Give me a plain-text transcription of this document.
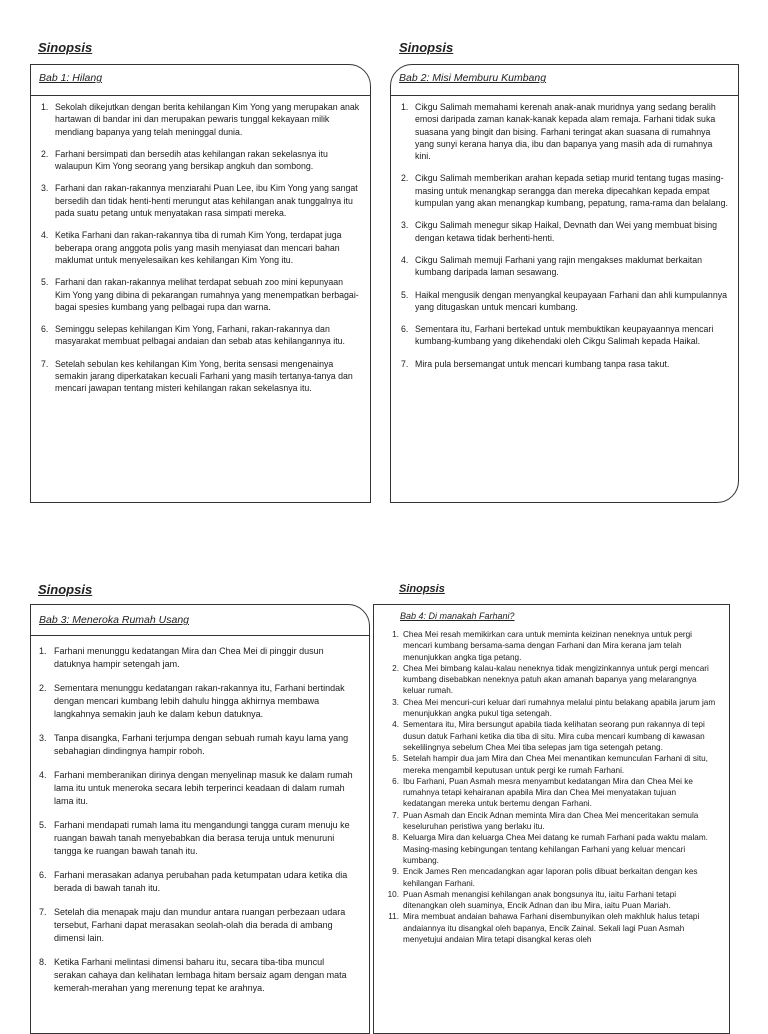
Sinopsis	Sinopsis
Sinopsis	Sinopsis
Bab 1: Hilang
1. Sekolah dikejutkan dengan berita kehilangan Kim Yong yang merupakan anak hartawan di bandar ini dan merupakan pewaris tunggal kekayaan milik mendiang bapanya yang telah meninggal dunia.
2. Farhani bersimpati dan bersedih atas kehilangan rakan sekelasnya itu walaupun Kim Yong seorang yang bersikap angkuh dan sombong.
3. Farhani dan rakan-rakannya menziarahi Puan Lee, ibu Kim Yong yang sangat bersedih dan tidak henti-henti merungut atas kehilangan anak tunggalnya itu pada suatu petang untuk menyatakan rasa simpati mereka.
4. Ketika Farhani dan rakan-rakannya tiba di rumah Kim Yong, terdapat juga beberapa orang anggota polis yang masih menyiasat dan mencari bahan maklumat untuk menyelesaikan kes kehilangan Kim Yong itu.
5. Farhani dan rakan-rakannya melihat terdapat sebuah zoo mini kepunyaan Kim Yong yang dibina di pekarangan rumahnya yang menempatkan berbagai-bagai spesies kumbang yang pelbagai rupa dan warna.
6. Seminggu selepas kehilangan Kim Yong, Farhani, rakan-rakannya dan masyarakat membuat pelbagai andaian dan sebab atas kehilangannya itu.
7. Setelah sebulan kes kehilangan Kim Yong, berita sensasi mengenainya semakin jarang diperkatakan kecuali Farhani yang masih tertanya-tanya dan mencari jawapan tentang misteri kehilangan rakan sekelasnya itu.
Bab 2: Misi Memburu Kumbang
1. Cikgu Salimah memahami kerenah anak-anak muridnya yang sedang beralih emosi daripada zaman kanak-kanak kepada alam remaja. Farhani tidak suka suasana yang bingit dan bising. Farhani teringat akan suasana di rumahnya yang sunyi kerana hanya dia, ibu dan bapanya yang masih ada di rumahnya kini.
2. Cikgu Salimah memberikan arahan kepada setiap murid tentang tugas masing-masing untuk menangkap serangga dan mereka dipecahkan kepada empat kumpulan yang akan menangkap kumbang, pepatung, rama-rama dan belalang.
3. Cikgu Salimah menegur sikap Haikal, Devnath dan Wei yang membuat bising dengan ketawa tidak berhenti-henti.
4. Cikgu Salimah memuji Farhani yang rajin mengakses maklumat berkaitan kumbang daripada laman sesawang.
5. Haikal mengusik dengan menyangkal keupayaan Farhani dan ahli kumpulannya yang ditugaskan untuk mencari kumbang.
6. Sementara itu, Farhani bertekad untuk membuktikan keupayaannya mencari kumbang-kumbang yang dikehendaki oleh Cikgu Salimah kepada Haikal.
7. Mira pula bersemangat untuk mencari kumbang tanpa rasa takut.
Bab 3: Meneroka Rumah Usang
1. Farhani menunggu kedatangan Mira dan Chea Mei di pinggir dusun datuknya hampir setengah jam.
2. Sementara menunggu kedatangan rakan-rakannya itu, Farhani bertindak dengan mencari kumbang lebih dahulu hingga akhirnya membawa langkahnya semakin jauh ke dalam kebun datuknya.
3. Tanpa disangka, Farhani terjumpa dengan sebuah rumah kayu lama yang sebahagian dindingnya hampir roboh.
4. Farhani memberanikan dirinya dengan menyelinap masuk ke dalam rumah lama itu untuk meneroka secara lebih terperinci keadaan di dalam rumah lama itu.
5. Farhani mendapati rumah lama itu mengandungi tangga curam menuju ke ruangan bawah tanah menyebabkan dia berasa teruja untuk menuruni tangga ke ruangan bawah tanah itu.
6. Farhani merasakan adanya perubahan pada ketumpatan udara ketika dia berada di bawah tanah itu.
7. Setelah dia menapak maju dan mundur antara ruangan perbezaan udara tersebut, Farhani dapat merasakan seolah-olah dia berada di ambang dimensi lain.
8. Ketika Farhani melintasi dimensi baharu itu, secara tiba-tiba muncul serakan cahaya dan kelihatan lembaga hitam bersaiz agam dengan mata kemerah-merahan yang merenung tepat ke arahnya.
Bab 4: Di manakah Farhani?
1. Chea Mei resah memikirkan cara untuk meminta keizinan neneknya untuk pergi mencari kumbang bersama-sama dengan Farhani dan Mira kerana jam telah menunjukkan angka tiga petang.
2. Chea Mei bimbang kalau-kalau neneknya tidak mengizinkannya untuk pergi mencari kumbang disebabkan neneknya patuh akan amanah bapanya yang melarangnya keluar rumah.
3. Chea Mei mencuri-curi keluar dari rumahnya melalui pintu belakang apabila jarum jam menunjukkan angka pukul tiga setengah.
4. Sementara itu, Mira bersungut apabila tiada kelihatan seorang pun rakannya di tepi dusun datuk Farhani ketika dia tiba di situ. Mira cuba mencari kumbang di kawasan sekelilingnya sebelum Chea Mei tiba selepas jam tiga setengah petang.
5. Setelah hampir dua jam Mira dan Chea Mei menantikan kemunculan Farhani di situ, mereka mengambil keputusan untuk pergi ke rumah Farhani.
6. Ibu Farhani, Puan Asmah mesra menyambut kedatangan Mira dan Chea Mei ke rumahnya tetapi kehairanan apabila Mira dan Chea Mei menyatakan tujuan kedatangan mereka untuk bertemu dengan Farhani.
7. Puan Asmah dan Encik Adnan meminta Mira dan Chea Mei menceritakan semula keseluruhan peristiwa yang berlaku itu.
8. Keluarga Mira dan keluarga Chea Mei datang ke rumah Farhani pada waktu malam. Masing-masing kebingungan tentang kehilangan Farhani yang keluar mencari kumbang.
9. Encik James Ren mencadangkan agar laporan polis dibuat berkaitan dengan kes kehilangan Farhani.
10. Puan Asmah menangisi kehilangan anak bongsunya itu, iaitu Farhani tetapi ditenangkan oleh suaminya, Encik Adnan dan ibu Mira, iaitu Puan Mariah.
11. Mira membuat andaian bahawa Farhani disembunyikan oleh makhluk halus tetapi andaiannya itu disangkal oleh bapanya, Encik Zainal. Sekali lagi Puan Asmah menyetujui andaian Mira tetapi disangkal keras oleh
